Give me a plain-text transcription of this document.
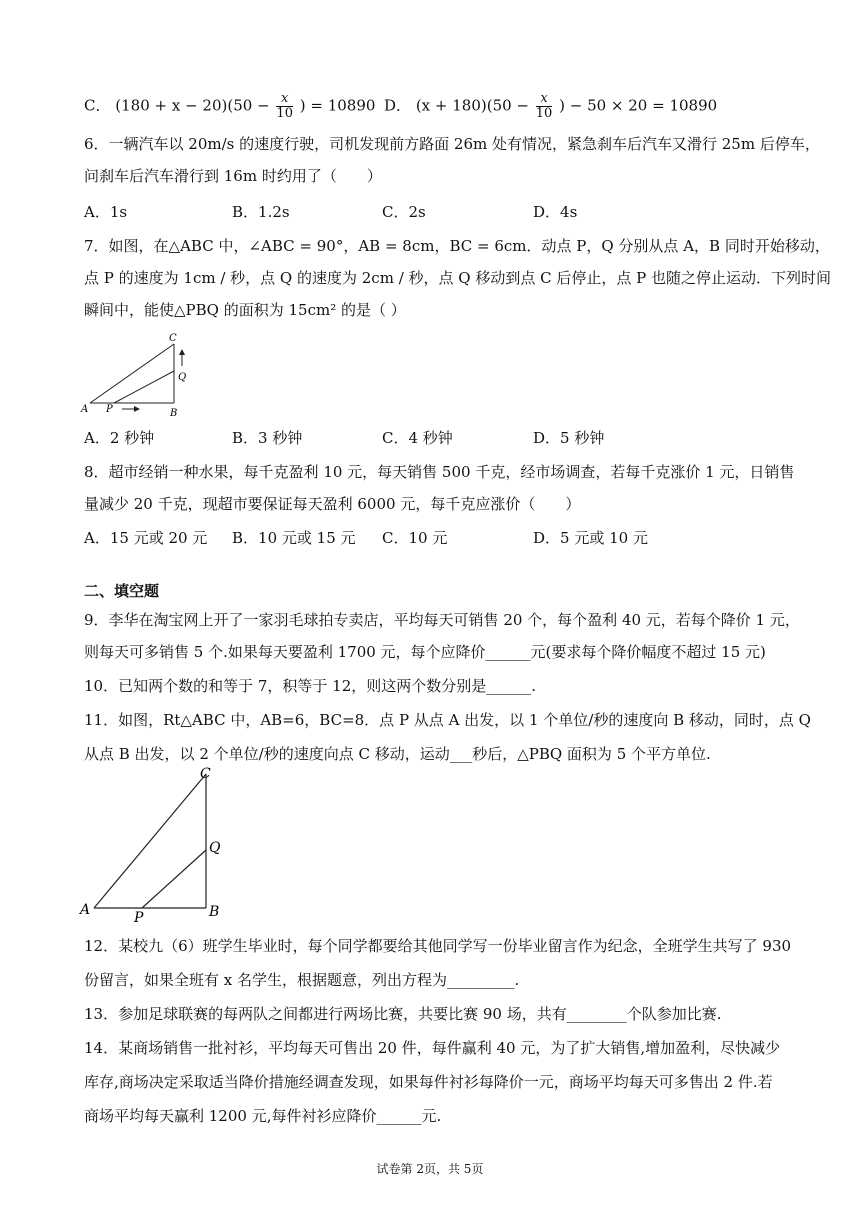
C． $(180 + x - 20)(50 - \frac{x}{10}$ ) = 10890 D． $(x + 180)(50 - \frac{x}{10}$ ) − 50 × 20 = 10890
6．一辆汽车以 20m/s 的速度行驶，司机发现前方路面 26m 处有情况，紧急刹车后汽车又滑行 25m 后停车，
问刹车后汽车滑行到 16m 时约用了（　　）
A．1s	B．1.2s	C．2s	D．4s
7．如图，在△ABC 中，∠ABC = 90°，AB = 8cm，BC = 6cm．动点 P，Q 分别从点 A，B 同时开始移动，
点 P 的速度为 1cm / 秒，点 Q 的速度为 2cm / 秒，点 Q 移动到点 C 后停止，点 P 也随之停止运动．下列时间
瞬间中，能使△PBQ 的面积为 15cm² 的是（ ）
C
Q
A P	B
A．2 秒钟	B．3 秒钟	C．4 秒钟	D．5 秒钟
8．超市经销一种水果，每千克盈利 10 元，每天销售 500 千克，经市场调查，若每千克涨价 1 元，日销售
量减少 20 千克，现超市要保证每天盈利 6000 元，每千克应涨价（　　）
A．15 元或 20 元 B．10 元或 15 元 C．10 元	D．5 元或 10 元
二、填空题
9．李华在淘宝网上开了一家羽毛球拍专卖店，平均每天可销售 20 个，每个盈利 40 元，若每个降价 1 元，
则每天可多销售 5 个.如果每天要盈利 1700 元，每个应降价______元(要求每个降价幅度不超过 15 元)
10．已知两个数的和等于 7，积等于 12，则这两个数分别是______.
11．如图，Rt△ABC 中，AB=6，BC=8．点 P 从点 A 出发，以 1 个单位/秒的速度向 B 移动，同时，点 Q
从点 B 出发，以 2 个单位/秒的速度向点 C 移动，运动___秒后，△PBQ 面积为 5 个平方单位.
C
Q
A	P	B
12．某校九（6）班学生毕业时，每个同学都要给其他同学写一份毕业留言作为纪念，全班学生共写了 930
份留言，如果全班有 x 名学生，根据题意，列出方程为_________.
13．参加足球联赛的每两队之间都进行两场比赛，共要比赛 90 场，共有________个队参加比赛.
14．某商场销售一批衬衫，平均每天可售出 20 件，每件赢利 40 元，为了扩大销售,增加盈利，尽快减少
库存,商场决定采取适当降价措施经调查发现，如果每件衬衫每降价一元，商场平均每天可多售出 2 件.若
商场平均每天赢利 1200 元,每件衬衫应降价______元.
试卷第 2页，共 5页
